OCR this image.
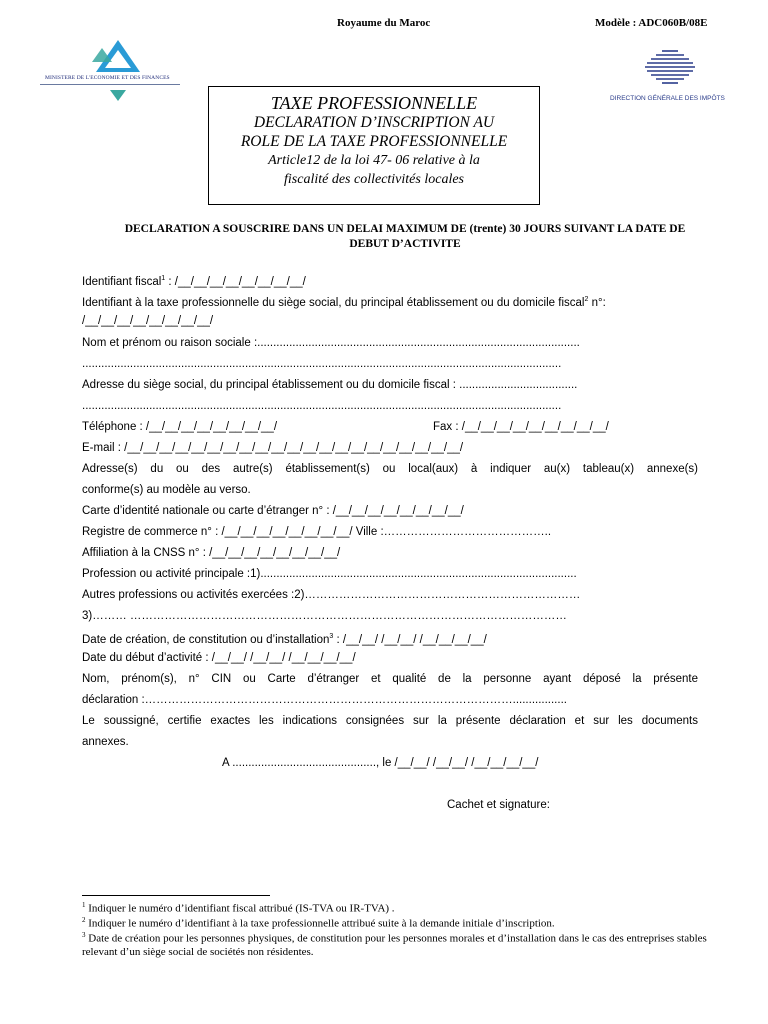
Royaume du Maroc	Modèle : ADC060B/08E
MINISTERE DE L'ECONOMIE ET DES FINANCES
DIRECTION GÉNÉRALE DES IMPÔTS
TAXE PROFESSIONNELLE
DECLARATION D’INSCRIPTION AU
ROLE DE LA TAXE PROFESSIONNELLE
Article12 de la loi 47- 06 relative à la
fiscalité des collectivités locales
DECLARATION A SOUSCRIRE DANS UN DELAI MAXIMUM DE (trente) 30 JOURS SUIVANT LA DATE DE
DEBUT D’ACTIVITE
Identifiant fiscal$^1$ : /__/__/__/__/__/__/__/__/
Identifiant à la taxe professionnelle du siège social, du principal établissement ou du domicile fiscal$^2$ n°:
/__/__/__/__/__/__/__/__/
Nom et prénom ou raison sociale :.....................................................................................................
......................................................................................................................................................
Adresse du siège social, du principal établissement ou du domicile fiscal : .....................................
......................................................................................................................................................
Téléphone : /__/__/__/__/__/__/__/__/	Fax : /__/__/__/__/__/__/__/__/__/
E-mail : /__/__/__/__/__/__/__/__/__/__/__/__/__/__/__/__/__/__/__/__/__/
Adresse(s) du ou des autre(s) établissement(s) ou local(aux) à indiquer au(x) tableau(x) annexe(s)
conforme(s) au modèle au verso.
Carte d’identité nationale ou carte d’étranger n° : /__/__/__/__/__/__/__/__/
Registre de commerce n° : /__/__/__/__/__/__/__/__/ Ville :……………………………………..
Affiliation à la CNSS n° : /__/__/__/__/__/__/__/__/
Profession ou activité principale :1)...................................................................................................
Autres professions ou activités exercées :2)………………………………………………………………
3)……… ……………………………………………………………………………………………………
Date de création, de constitution ou d’installation$^3$ : /__/__/ /__/__/ /__/__/__/__/
Date du début d’activité : /__/__/ /__/__/ /__/__/__/__/
Nom, prénom(s), n° CIN ou Carte d’étranger et qualité de la personne ayant déposé la présente
déclaration :…………………………………………………………………………………….................
Le soussigné, certifie exactes les indications consignées sur la présente déclaration et sur les documents
annexes.
A ............................................., le /__/__/ /__/__/ /__/__/__/__/
Cachet et signature:
$^1$ Indiquer le numéro d’identifiant fiscal attribué (IS-TVA ou IR-TVA) .
$^2$ Indiquer le numéro d’identifiant à la taxe professionnelle attribué suite à la demande initiale d’inscription.
$^3$ Date de création pour les personnes physiques, de constitution pour les personnes morales et d’installation dans le cas des entreprises stables relevant d’un siège social de sociétés non résidentes.
